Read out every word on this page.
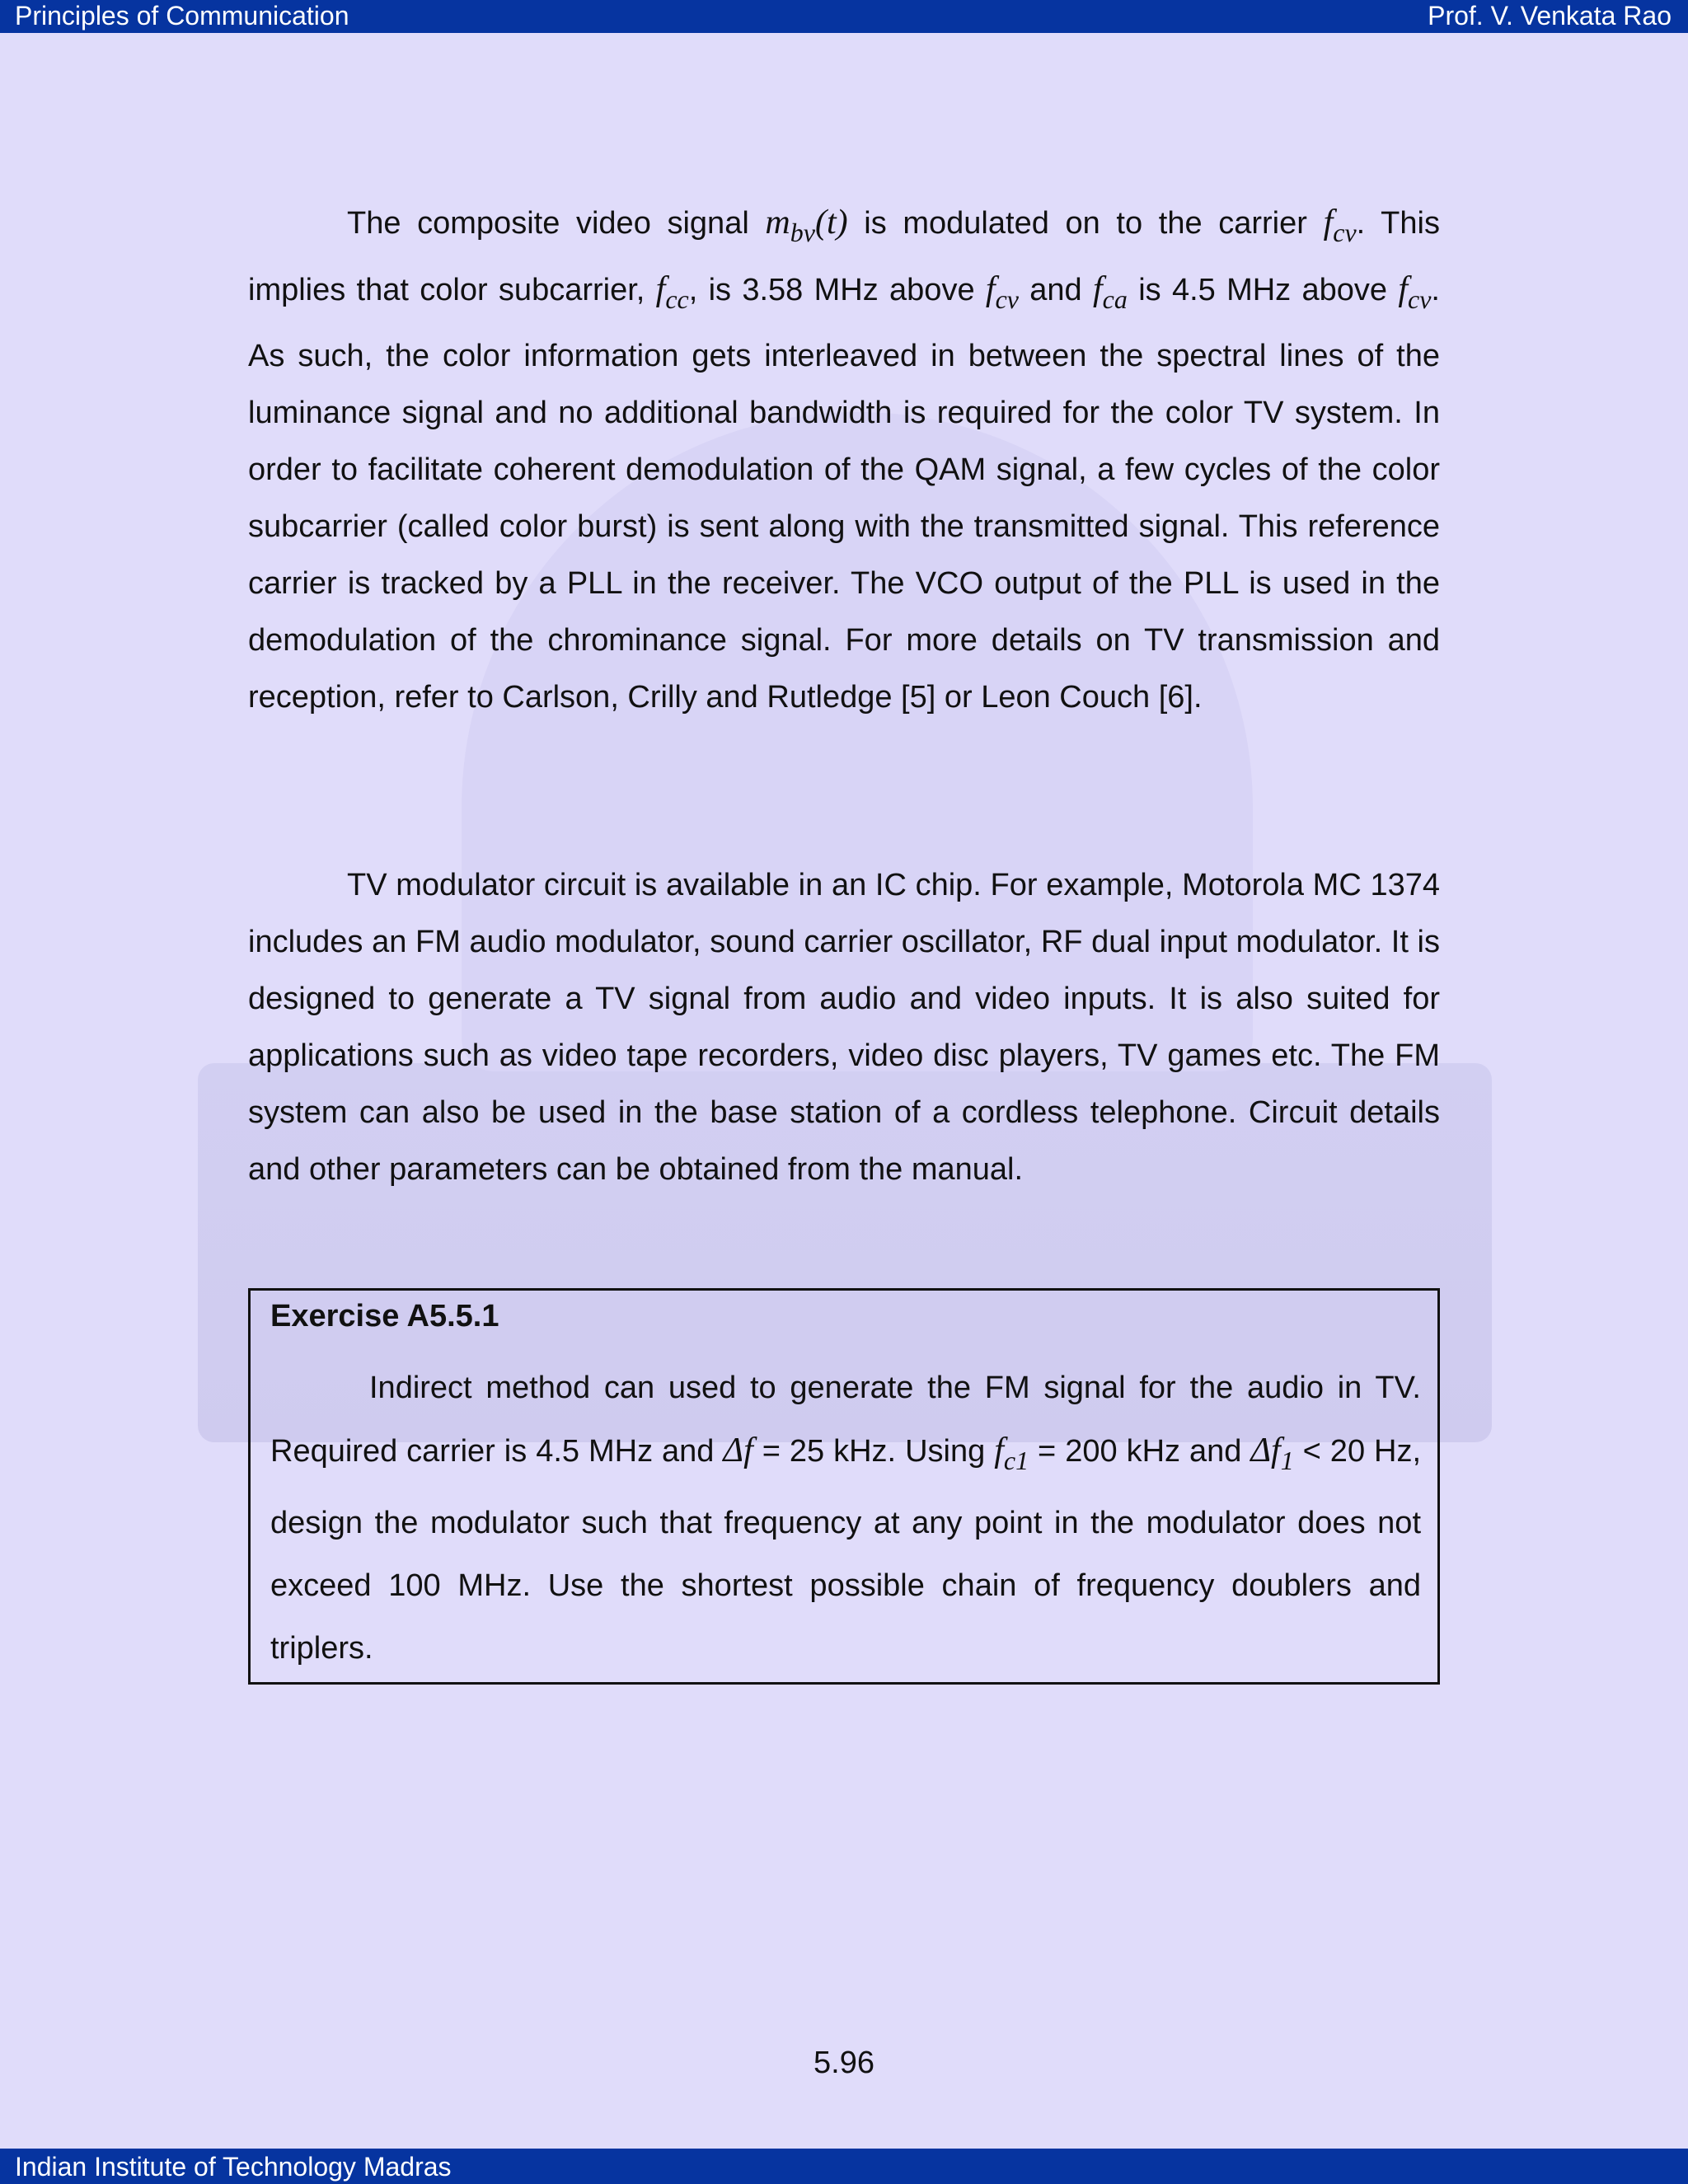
Principles of Communication	Prof. V. Venkata Rao

The composite video signal $m_{bv}(t)$ is modulated on to the carrier $f_{cv}$. This implies that color subcarrier, $f_{cc}$, is 3.58 MHz above $f_{cv}$ and $f_{ca}$ is 4.5 MHz above $f_{cv}$. As such, the color information gets interleaved in between the spectral lines of the luminance signal and no additional bandwidth is required for the color TV system. In order to facilitate coherent demodulation of the QAM signal, a few cycles of the color subcarrier (called color burst) is sent along with the transmitted signal. This reference carrier is tracked by a PLL in the receiver. The VCO output of the PLL is used in the demodulation of the chrominance signal. For more details on TV transmission and reception, refer to Carlson, Crilly and Rutledge [5] or Leon Couch [6].

TV modulator circuit is available in an IC chip. For example, Motorola MC 1374 includes an FM audio modulator, sound carrier oscillator, RF dual input modulator. It is designed to generate a TV signal from audio and video inputs. It is also suited for applications such as video tape recorders, video disc players, TV games etc. The FM system can also be used in the base station of a cordless telephone. Circuit details and other parameters can be obtained from the manual.

Exercise A5.5.1

Indirect method can used to generate the FM signal for the audio in TV. Required carrier is 4.5 MHz and Δf = 25 kHz. Using $f_{c1} = 200$ kHz and $\Delta f_1 < 20$ Hz, design the modulator such that frequency at any point in the modulator does not exceed 100 MHz. Use the shortest possible chain of frequency doublers and triplers.

5.96
Indian Institute of Technology Madras
